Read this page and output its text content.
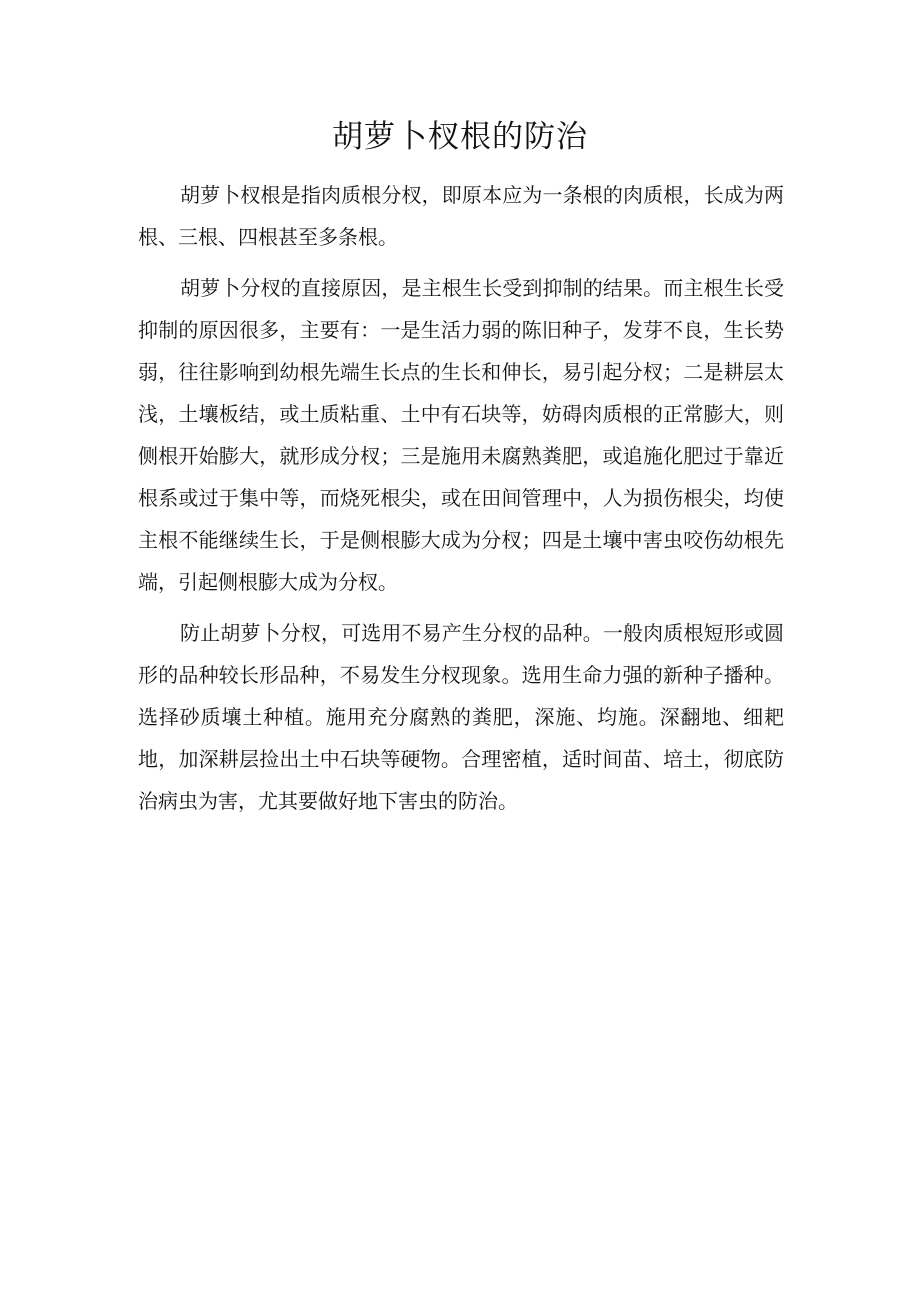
胡萝卜杈根的防治

胡萝卜杈根是指肉质根分杈，即原本应为一条根的肉质根，长成为两根、三根、四根甚至多条根。

胡萝卜分杈的直接原因，是主根生长受到抑制的结果。而主根生长受抑制的原因很多，主要有：一是生活力弱的陈旧种子，发芽不良，生长势弱，往往影响到幼根先端生长点的生长和伸长，易引起分杈；二是耕层太浅，土壤板结，或土质粘重、土中有石块等，妨碍肉质根的正常膨大，则侧根开始膨大，就形成分杈；三是施用未腐熟粪肥，或追施化肥过于靠近根系或过于集中等，而烧死根尖，或在田间管理中，人为损伤根尖，均使主根不能继续生长，于是侧根膨大成为分杈；四是土壤中害虫咬伤幼根先端，引起侧根膨大成为分杈。

防止胡萝卜分杈，可选用不易产生分杈的品种。一般肉质根短形或圆形的品种较长形品种，不易发生分杈现象。选用生命力强的新种子播种。选择砂质壤土种植。施用充分腐熟的粪肥，深施、均施。深翻地、细耙地，加深耕层捡出土中石块等硬物。合理密植，适时间苗、培土，彻底防治病虫为害，尤其要做好地下害虫的防治。
